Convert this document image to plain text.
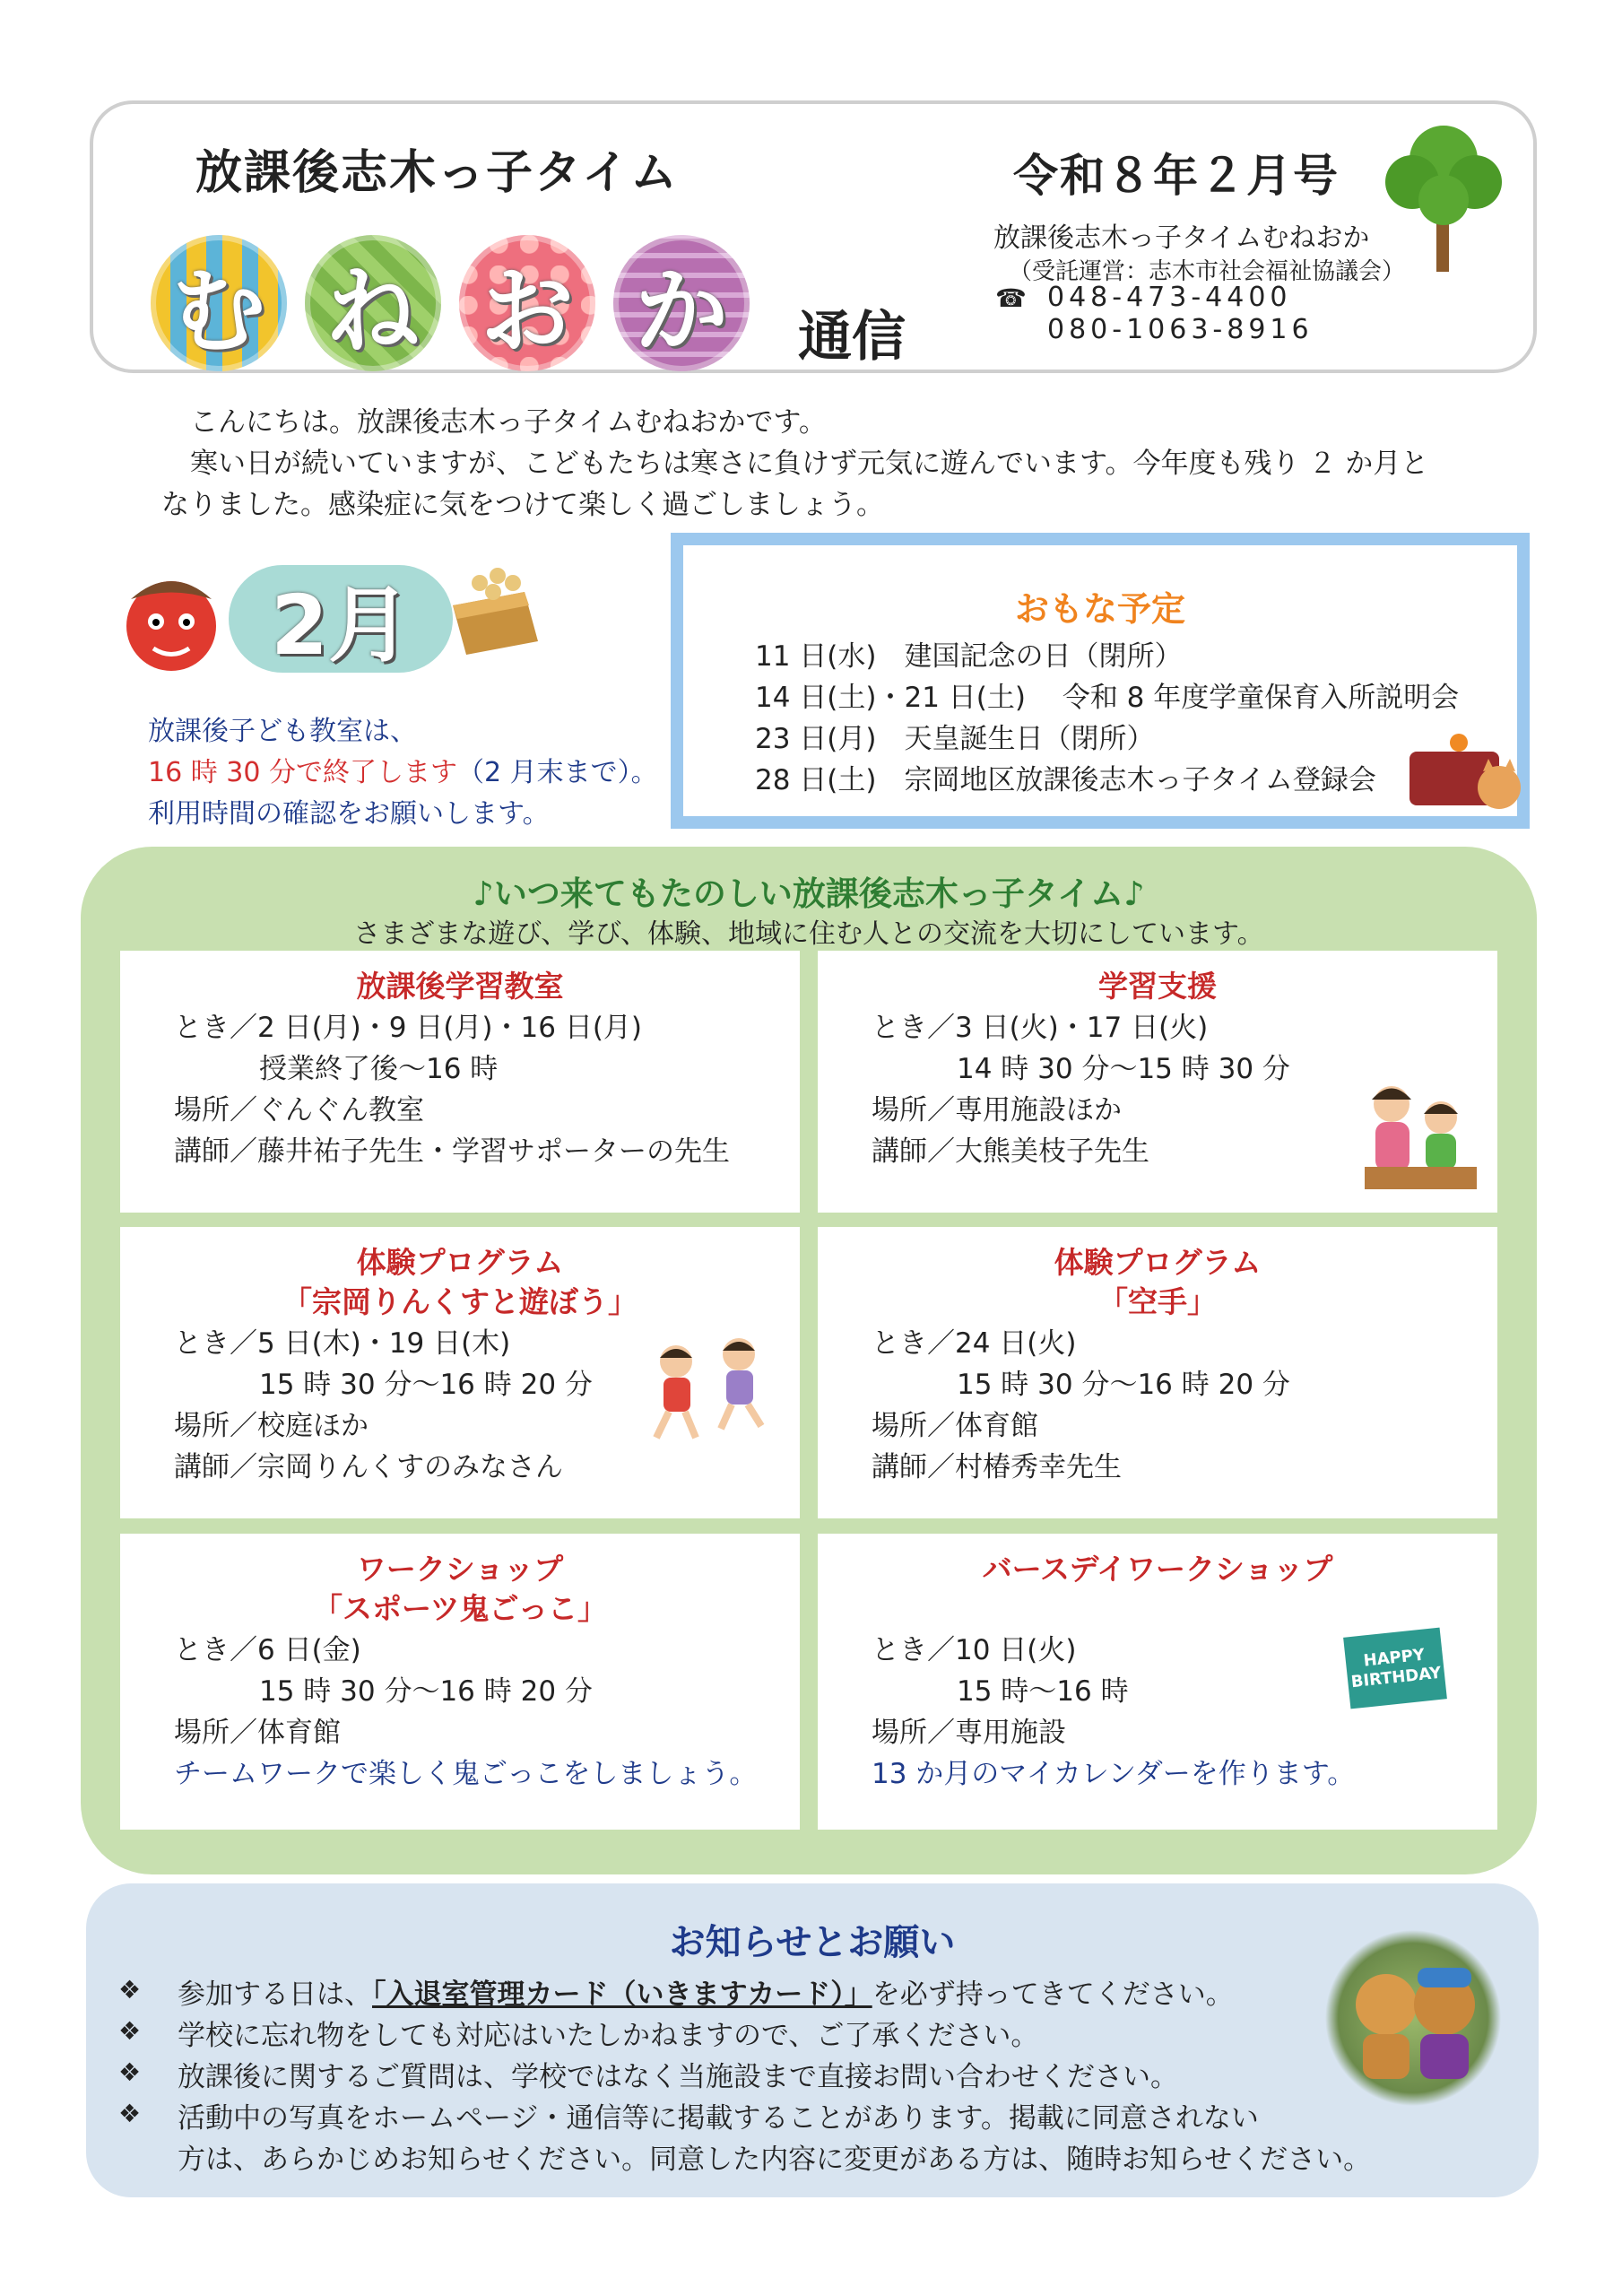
放課後志木っ子タイム
む ね お か	通信
令和８年２月号
放課後志木っ子タイムむねおか
（受託運営：志木市社会福祉協議会）
☎ 048-473-4400
080-1063-8916
こんにちは。放課後志木っ子タイムむねおかです。
寒い日が続いていますが、こどもたちは寒さに負けず元気に遊んでいます。今年度も残り ２ か月と
なりました。感染症に気をつけて楽しく過ごしましょう。
2月
放課後子ども教室は、
16 時 30 分で終了します（2 月末まで）。
利用時間の確認をお願いします。
おもな予定
11 日(水)　建国記念の日（閉所）
14 日(土)・21 日(土)　 令和 8 年度学童保育入所説明会
23 日(月)　天皇誕生日（閉所）
28 日(土)　宗岡地区放課後志木っ子タイム登録会
♪いつ来てもたのしい放課後志木っ子タイム♪
さまざまな遊び、学び、体験、地域に住む人との交流を大切にしています。
放課後学習教室
とき／2 日(月)・9 日(月)・16 日(月)
授業終了後～16 時
場所／ぐんぐん教室
講師／藤井祐子先生・学習サポーターの先生
学習支援
とき／3 日(火)・17 日(火)
14 時 30 分～15 時 30 分
場所／専用施設ほか
講師／大熊美枝子先生
体験プログラム
「宗岡りんくすと遊ぼう」
とき／5 日(木)・19 日(木)
15 時 30 分～16 時 20 分
場所／校庭ほか
講師／宗岡りんくすのみなさん
体験プログラム
「空手」
とき／24 日(火)
15 時 30 分～16 時 20 分
場所／体育館
講師／村椿秀幸先生
ワークショップ
「スポーツ鬼ごっこ」
とき／6 日(金)
15 時 30 分～16 時 20 分
場所／体育館
チームワークで楽しく鬼ごっこをしましょう。
バースデイワークショップ
とき／10 日(火)
15 時～16 時
場所／専用施設
13 か月のマイカレンダーを作ります。
HAPPY BIRTHDAY
お知らせとお願い
❖ 参加する日は、「入退室管理カード（いきますカード）」を必ず持ってきてください。
❖ 学校に忘れ物をしても対応はいたしかねますので、ご了承ください。
❖ 放課後に関するご質問は、学校ではなく当施設まで直接お問い合わせください。
❖ 活動中の写真をホームページ・通信等に掲載することがあります。掲載に同意されない
方は、あらかじめお知らせください。同意した内容に変更がある方は、随時お知らせください。
